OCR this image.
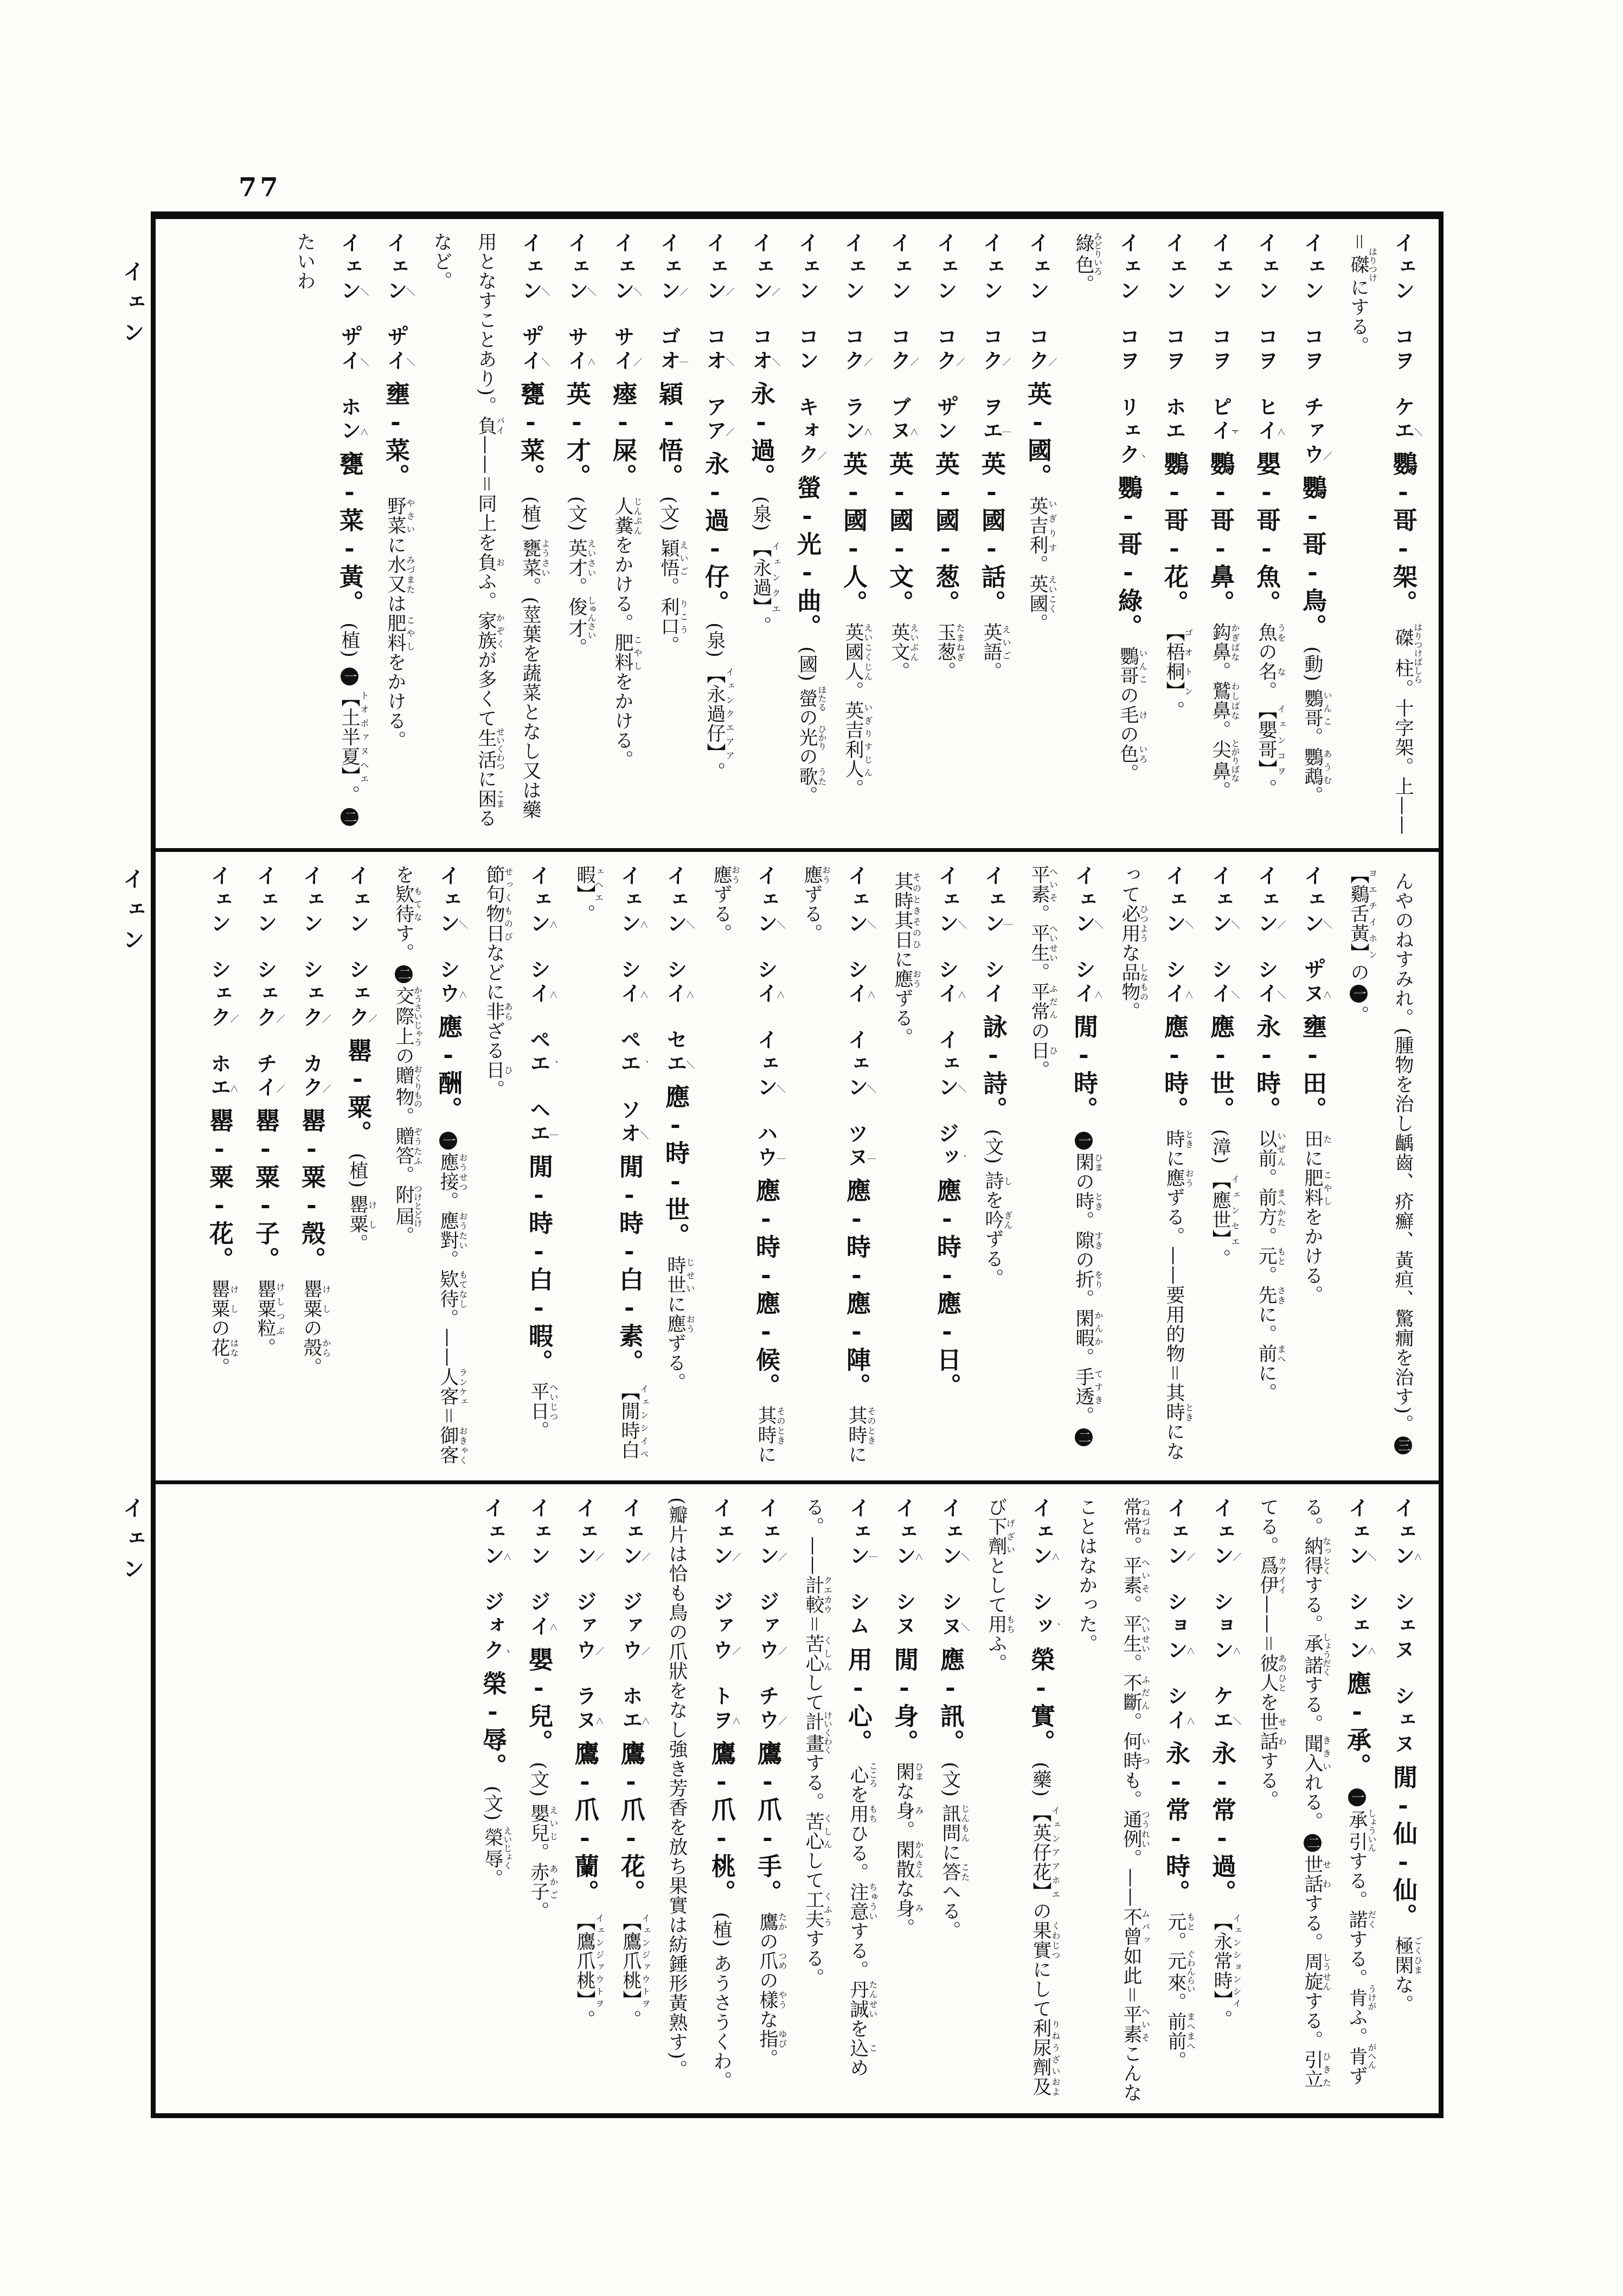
77
イェン
イェン
イェン
イェン コヲ ケエ＼鸚-哥-架。磔柱はりつけばしら。十字架。上——＝磔はりつけにする。
イェン コヲ チァウ／鸚-哥-鳥。(動) 鸚哥いんこ。鸚鵡あうむ。
イェン コヲ ヒイ＜嬰-哥-魚。魚うをの名な。【嬰哥】イェンコヲ。
イェン コヲ ピイ⊦鸚-哥-鼻。鈎鼻かぎばな。鷲鼻わしばな。尖鼻とがりばな。
イェン コヲ ホエ鸚-哥-花。【梧桐】ゴオトン。
イェン コヲ リェクヽ鸚-哥-綠。鸚哥いんこの毛けの色いろ。綠色みどりいろ。
イェン コク／英-國。英吉利いぎりす。英國えいこく。
イェン コク／ ヲエ｜英-國-話。英語えいご。
イェン コク／ サ゚ン英-國-葱。玉葱たまねぎ。
イェン コク／ ブヌ＜英-國-文。英文えいぶん。
イェン コク／ ラン＜英-國-人。英國人えいこくじん。英吉利人いぎりすじん。
イェン コン キォク／螢-光-曲。(國) 螢ほたるの光ひかりの歌うた。
イェン／ コオ＼永-過。(泉) 【永過】イェンクエ。
イェン／ コオ＼ アア／永-過-仔。(泉) 【永過仔】イェンクエアア。
イェン／ ゴオ｜穎-悟。(文) 穎悟えいご。利口りこう。
イェン＼ サイ／瘞-屎。人糞じんぷんをかける。肥料こやしをかける。
イェン＼ サイ＜英-才。(文) 英才えいさい。俊才しゅんさい。
イェン＼ サ゚イ＼甕-菜。(植) 甕菜ようさい。(莖葉を蔬菜となし又は藥用となすことあり)。負パイ——＝同上を負おふ。家族かぞくが多くて生活せいくわつに困こまるなど。
イェン＼ サ゚イ＼壅-菜。野菜やさいに水又みづまたは肥料こやしをかける。
イェン＼ サ゚イ＼ ホン＜甕-菜-黃。(植) 一【土半夏】トオポァヌヘエ。二たいわ
んやのねすみれ。(腫物を治し齲齒、疥癬、黃疸、驚癇を治す)。三【鷄舌黃】ヨエチイホンの一。
イェン＼ サ゚ヌ＜壅-田。田たに肥料こやしをかける。
イェン／ シイ＼永-時。以前いぜん。前方まへかた。元もと。先さきに。前まへに。
イェン＼ シイ＼應-世。(漳) 【應世】イェンセエ。
イェン＼ シイ＜應-時。時ときに應おうずる。——要用的物＝其時ときになって必用ひつような品物しなもの。
イェン＼ シイ＜閒-時。一閑ひまの時とき。隙すきの折をり。閑暇かんか。手透てすき。二平素へいそ。平生へいせい。平常ふだんの日ひ。
イェン｜ シイ詠-詩。(文) 詩しを吟ぎんずる。
イェン＼ シイ＜ イェン＼ ジッ、應-時-應-日。其時其日そのときそのひに應おうずる。
イェン＼ シイ＜ イェン＼ ツヌ｜應-時-應-陣。其時そのときに應おうずる。
イェン＼ シイ＜ イェン＼ ハウ｜應-時-應-候。其時そのときに應おうずる。
イェン＼ シイ＜ セエ＼應-時-世。時世じせいに應おうずる。
イェン＜ シイ＜ ペエ、 ソオ＼閒-時-白-素。【閒時白暇】イェンシイペェヘエ。
イェン＜ シイ＜ ペエ、 ヘエ｜閒-時-白-暇。平日へいじつ。節句物日せっくものびなどに非あらざる日ひ。
イェン＼ シウ＜應-酬。一應接おうせつ。應對おうたい。欵待もてなし。——人客ランケェ＝御客おきゃくを欵待もてなす。二交際上かうさいじゃうの贈物おくりもの。贈答ぞうたふ。附屆つけとどけ。
イェン シェク／罌-粟。(植) 罌粟けし。
イェン シェク／ カク／罌-粟-殼。罌粟けしの殼から。
イェン シェク／ チイ／罌-粟-子。罌粟粒けしつぶ。
イェン シェク／ ホエ＜罌-粟-花。罌粟けしの花はな。
イェン＜ シェヌ シェヌ閒-仙-仙。極閑ごくひまな。
イェン＼ シェン＜應-承。一承引しょういんする。諾だくする。肯うけがふ。肯がへんずる。納得なっとくする。承諾しょうだくする。聞入ききいれる。二世話せわする。周旋しうせんする。引立ひきたてる。爲伊カアイイ——＝彼人あのひとを世話せわする。
イェン／ ション＜ ケエ＼永-常-過。【永常時】イェンションシイ。
イェン／ ション＜ シイ＜永-常-時。元もと。元來ぐわんらい。前前まへまへ。常常つねづね。平素へいそ。平生へいせい。不斷ふだん。何時いつも。通例つうれい。——不曾ムパッ如此＝平素へいそこんなことはなかった。
イェン＜ シッ、榮-實。(藥) 【英仔花】イェンアアホエの果實くわじつにして利尿劑りねうざい及および下劑げざいとして用もちふ。
イェン＼ シヌ＼應-訊。(文) 訊問じんもんに答こたへる。
イェン＜ シヌ閒-身。閑ひまな身み。閑散かんさんな身み。
イェン｜ シム用-心。心こころを用もちひる。注意ちゅういする。丹誠たんせいを込こめる。——計較クエカウ＝苦心くしんして計畫けいくわくする。苦心くしんして工夫くふうする。
イェン／ ジァウ／ チウ／鷹-爪-手。鷹たかの爪つめの樣やうな指ゆび。
イェン／ ジァウ／ トヲ＜鷹-爪-桃。(植) あうさうくわ。(瓣片は恰も鳥の爪狀をなし強き芳香を放ち果實は紡錘形黃熟す)。
イェン／ ジァウ／ ホエ＜鷹-爪-花。【鷹爪桃】イェンジァウトヲ。
イェン／ ジァウ／ ラヌ＜鷹-爪-蘭。【鷹爪桃】イェンジァウトヲ。
イェン ジイ＜嬰-兒。(文) 嬰兒えいじ。赤子あかご。
イェン＜ ジォクヽ榮-辱。(文) 榮辱えいじょく。
